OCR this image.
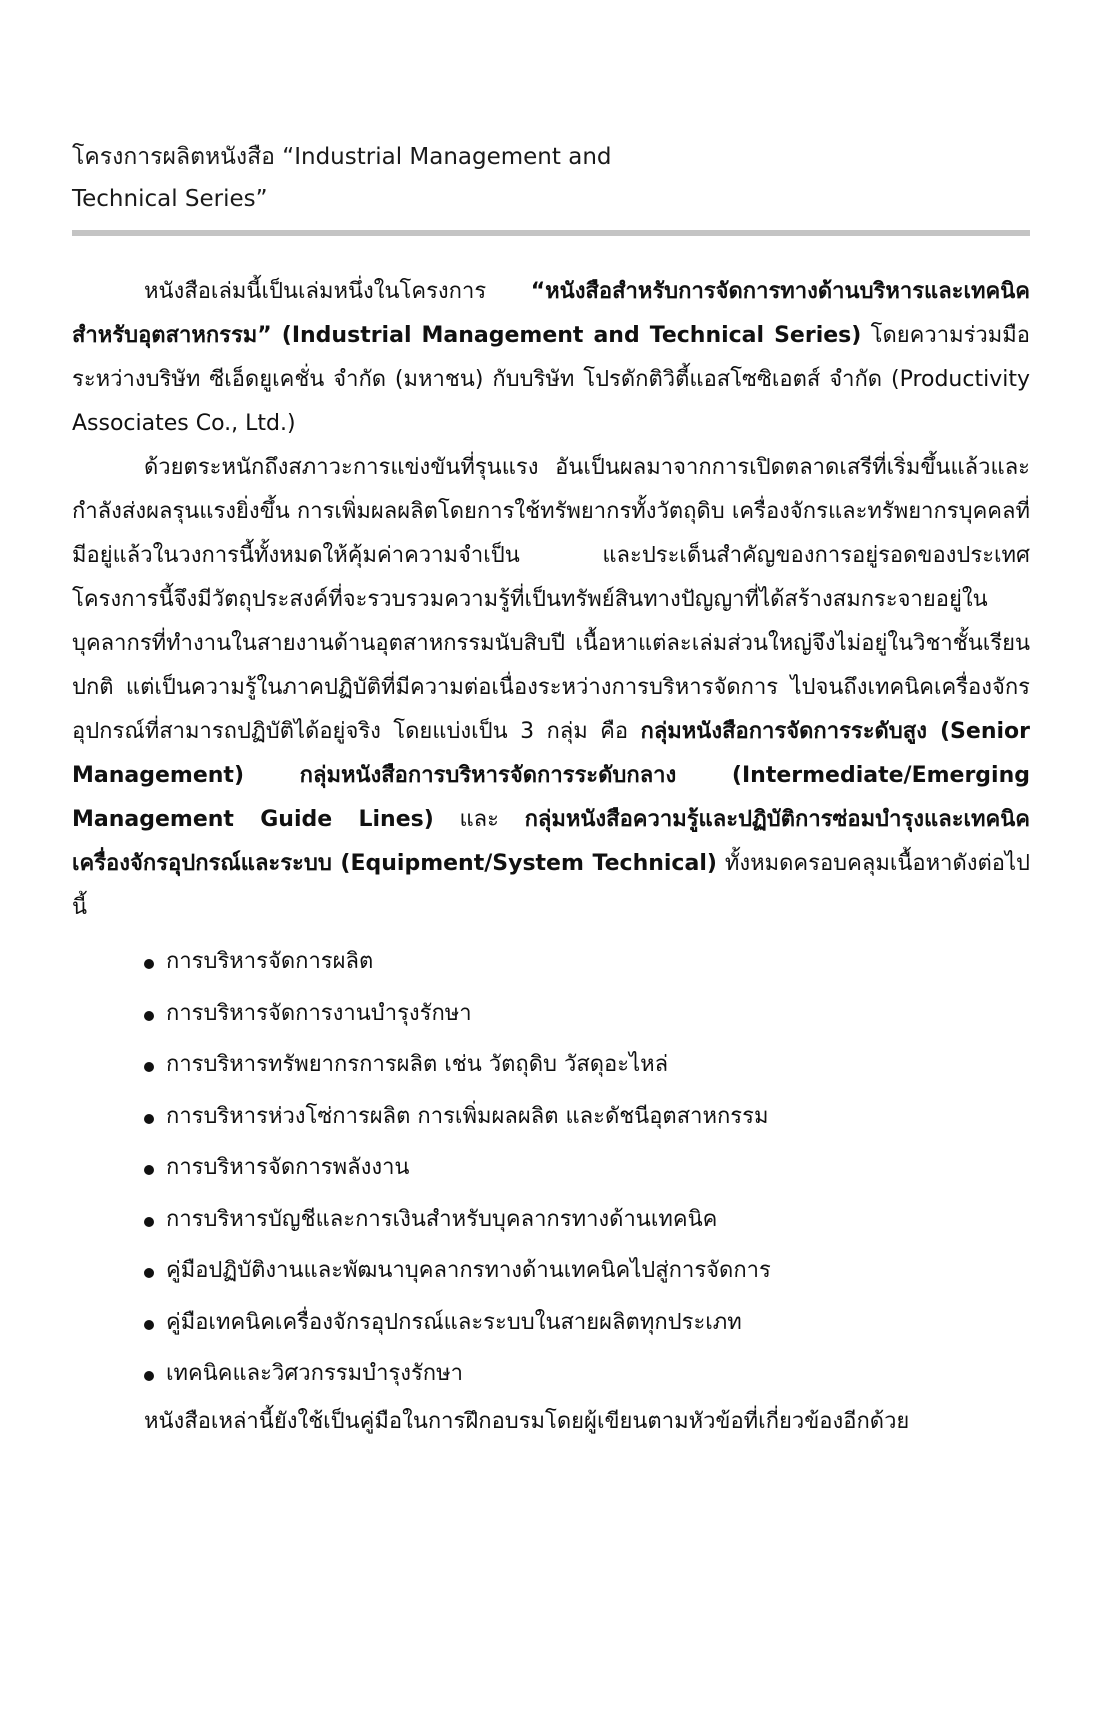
โครงการผลิตหนังสือ “Industrial Management and
Technical Series”

หนังสือเล่มนี้เป็นเล่มหนึ่งในโครงการ “หนังสือสำหรับการจัดการทางด้านบริหารและเทคนิคสำหรับอุตสาหกรรม” (Industrial Management and Technical Series) โดยความร่วมมือระหว่างบริษัท ซีเอ็ดยูเคชั่น จำกัด (มหาชน) กับบริษัท โปรดักติวิตี้แอสโซซิเอตส์ จำกัด (Productivity Associates Co., Ltd.)

ด้วยตระหนักถึงสภาวะการแข่งขันที่รุนแรง อันเป็นผลมาจากการเปิดตลาดเสรีที่เริ่มขึ้นแล้วและกำลังส่งผลรุนแรงยิ่งขึ้น การเพิ่มผลผลิตโดยการใช้ทรัพยากรทั้งวัตถุดิบ เครื่องจักรและทรัพยากรบุคคลที่มีอยู่แล้วในวงการนี้ทั้งหมดให้คุ้มค่าความจำเป็น และประเด็นสำคัญของการอยู่รอดของประเทศ โครงการนี้จึงมีวัตถุประสงค์ที่จะรวบรวมความรู้ที่เป็นทรัพย์สินทางปัญญาที่ได้สร้างสมกระจายอยู่ในบุคลากรที่ทำงานในสายงานด้านอุตสาหกรรมนับสิบปี เนื้อหาแต่ละเล่มส่วนใหญ่จึงไม่อยู่ในวิชาชั้นเรียนปกติ แต่เป็นความรู้ในภาคปฏิบัติที่มีความต่อเนื่องระหว่างการบริหารจัดการ ไปจนถึงเทคนิคเครื่องจักรอุปกรณ์ที่สามารถปฏิบัติได้อยู่จริง โดยแบ่งเป็น 3 กลุ่ม คือ กลุ่มหนังสือการจัดการระดับสูง (Senior Management) กลุ่มหนังสือการบริหารจัดการระดับกลาง (Intermediate/Emerging Management Guide Lines) และ กลุ่มหนังสือความรู้และปฏิบัติการซ่อมบำรุงและเทคนิคเครื่องจักรอุปกรณ์และระบบ (Equipment/System Technical) ทั้งหมดครอบคลุมเนื้อหาดังต่อไปนี้

การบริหารจัดการผลิต
การบริหารจัดการงานบำรุงรักษา
การบริหารทรัพยากรการผลิต เช่น วัตถุดิบ วัสดุอะไหล่
การบริหารห่วงโซ่การผลิต การเพิ่มผลผลิต และดัชนีอุตสาหกรรม
การบริหารจัดการพลังงาน
การบริหารบัญชีและการเงินสำหรับบุคลากรทางด้านเทคนิค
คู่มือปฏิบัติงานและพัฒนาบุคลากรทางด้านเทคนิคไปสู่การจัดการ
คู่มือเทคนิคเครื่องจักรอุปกรณ์และระบบในสายผลิตทุกประเภท
เทคนิคและวิศวกรรมบำรุงรักษา

หนังสือเหล่านี้ยังใช้เป็นคู่มือในการฝึกอบรมโดยผู้เขียนตามหัวข้อที่เกี่ยวข้องอีกด้วย
